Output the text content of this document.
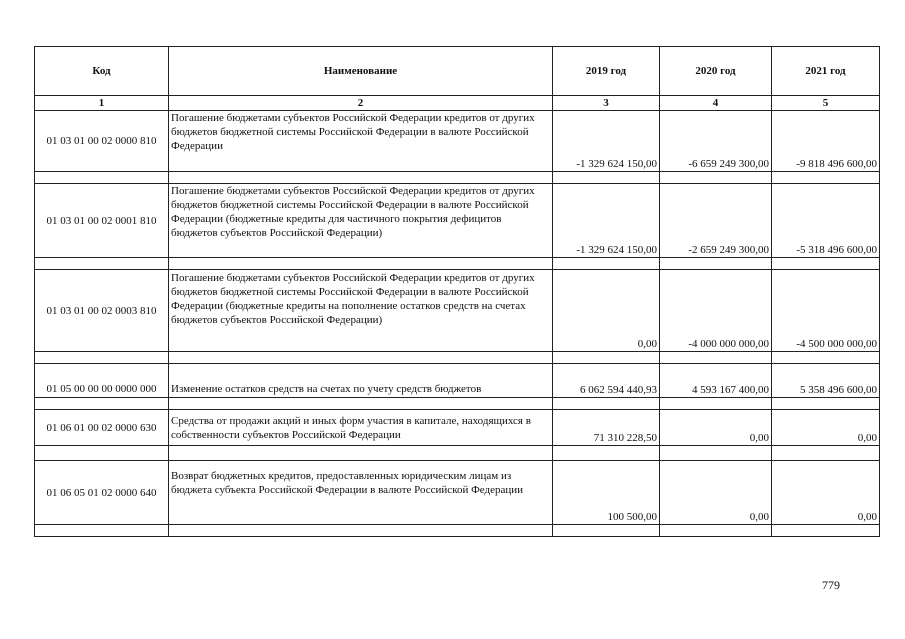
Код	Наименование	2019 год	2020 год	2021 год
1	2	3	4	5
01 03 01 00 02 0000 810	Погашение бюджетами субъектов Российской Федерации кредитов от других бюджетов бюджетной системы Российской Федерации в валюте Российской Федерации	-1 329 624 150,00	-6 659 249 300,00	-9 818 496 600,00

01 03 01 00 02 0001 810	Погашение бюджетами субъектов Российской Федерации кредитов от других бюджетов бюджетной системы Российской Федерации в валюте Российской Федерации (бюджетные кредиты для частичного покрытия дефицитов бюджетов субъектов Российской Федерации)	-1 329 624 150,00	-2 659 249 300,00	-5 318 496 600,00

01 03 01 00 02 0003 810	Погашение бюджетами субъектов Российской Федерации кредитов от других бюджетов бюджетной системы Российской Федерации в валюте Российской Федерации (бюджетные кредиты на пополнение остатков средств на счетах бюджетов субъектов Российской Федерации)	0,00	-4 000 000 000,00	-4 500 000 000,00

01 05 00 00 00 0000 000	Изменение остатков средств на счетах по учету средств бюджетов	6 062 594 440,93	4 593 167 400,00	5 358 496 600,00

01 06 01 00 02 0000 630	Средства от продажи акций и иных форм участия в капитале, находящихся в собственности субъектов Российской Федерации	71 310 228,50	0,00	0,00

01 06 05 01 02 0000 640	Возврат бюджетных кредитов, предоставленных юридическим лицам из бюджета субъекта Российской Федерации в валюте Российской Федерации	100 500,00	0,00	0,00

779
